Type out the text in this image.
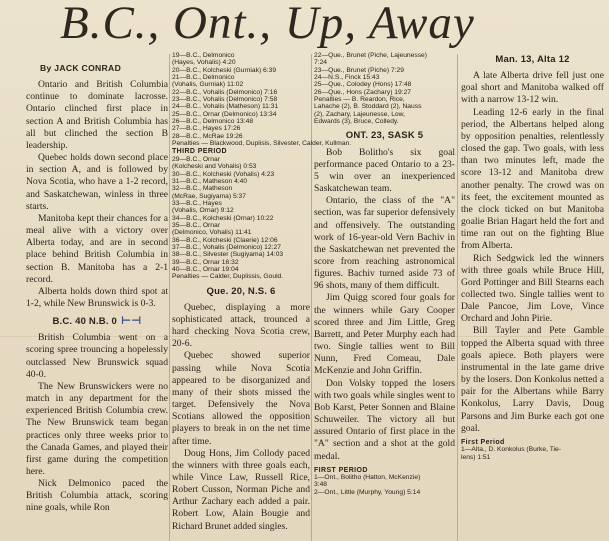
B.C., Ont., Up, Away
By JACK CONRAD

Ontario and British Columbia continue to dominate lacrosse. Ontario clinched first place in section A and British Columbia has all but clinched the section B leadership.

Quebec holds down second place in section A, and is followed by Nova Scotia, who have a 1-2 record, and Saskatchewan, winless in three starts.

Manitoba kept their chances for a meal alive with a victory over Alberta today, and are in second place behind British Columbia in section B. Manitoba has a 2-1 record.

Alberta holds down third spot at 1-2, while New Brunswick is 0-3.

B.C. 40 N.B. 0 ⊢⊣

British Columbia went on a scoring spree trouncing a hopelessly outclassed New Brunswick squad 40-0.

The New Brunswickers were no match in any department for the experienced British Columbia crew. The New Brunswick team began practices only three weeks prior to the Canada Games, and played their first game during the competition here.

Nick Delmonico paced the British Columbia attack, scoring nine goals, while Ron

19—B.C., Delmonico

(Hayes, Vohalis) 4:20

20—B.C., Kolcheski (Gurniak) 6:39

21—B.C., Delmonico

(Vohalis, Gurniak) 11:02

22—B.C., Vohalis (Delmonico) 7:16

23—B.C., Vohalis (Delmonico) 7:58

24—B.C., Vohalis (Matheson) 11:31

25—B.C., Ornar (Delmonico) 13:34

26—B.C., Delmonico 13:48

27—B.C., Hayes 17:26

28—B.C., McRae 19:26

Penalties — Blackwood, Duplisis, Silvester, Calder, Kullman.

THIRD PERIOD

29—B.C., Ornar

(Kolcheski and Vohalis) 0:53

30—B.C., Kolcheski (Vohalis) 4:23

31—B.C., Matheson 4:40

32—B.C., Matheson

(McRae, Sugiyama) 5:37

33—B.C., Hayes

(Vohalis, Ornar) 9:12

34—B.C., Kolcheski (Ornar) 10:22

35—B.C., Ornar

(Delmonico, Vohalis) 11:41

36—B.C., Kolcheski (Claerie) 12:06

37—B.C., Vohalis (Delmonico) 12:27

38—B.C., Silvester (Sugiyama) 14:03

39—B.C., Ornar 16:32

40—B.C., Ornar 19:04

Penalties — Calder, Duplissis, Gould.

Que. 20, N.S. 6

Quebec, displaying a more sophisticated attack, trounced a hard checking Nova Scotia crew, 20-6.

Quebec showed superior passing while Nova Scotia appeared to be disorganized and many of their shots missed the target. Defensively the Nova Scotians allowed the opposition players to break in on the net time after time.

Doug Hons, Jim Collody paced the winners with three goals each, while Vince Law, Russell Rice, Robert Cusson, Norman Piche and Arthur Zachary each added a pair. Robert Low, Alain Bougie and Richard Brunet added singles.

22—Que., Brunet (Piche, Lajeunesse)

7:24

23—Que., Brunet (Piche) 7:29

24—N.S., Finck 15:43

25—Que., Colodey (Hons) 17:48

26—Que., Hons (Zachary) 19:27

Penalties — B. Reardon, Rice,

Lahache (2), B. Stoddard (2), Nauss

(2), Zachary, Lajeunesse, Low,

Edwards (3), Bruce, Colledy.

ONT. 23, SASK 5

Bob Bolitho's six goal performance paced Ontario to a 23-5 win over an inexperienced Saskatchewan team.

Ontario, the class of the "A" section, was far superior defensively and offensively. The outstanding work of 16-year-old Vern Bachiv in the Saskatchewan net prevented the score from reaching astronomical figures. Bachiv turned aside 73 of 96 shots, many of them difficult.

Jim Quigg scored four goals for the winners while Gary Cooper scored three and Jim Little, Greg Barrett, and Peter Murphy each had two. Single tallies went to Bill Nunn, Fred Comeau, Dale McKenzie and John Griffin.

Don Volsky topped the losers with two goals while singles went to Bob Karst, Peter Sonnen and Blaine Schuweiler. The victory all but assured Ontario of first place in the "A" section and a shot at the gold medal.

FIRST PERIOD

1—Ont., Bolitho (Hatton, McKenzie)

3:48

2—Ont., Little (Murphy, Young) 5:14

Man. 13, Alta 12

A late Alberta drive fell just one goal short and Manitoba walked off with a narrow 13-12 win.

Leading 12-6 early in the final period, the Albertans helped along by opposition penalties, relentlessly closed the gap. Two goals, with less than two minutes left, made the score 13-12 and Manitoba drew another penalty. The crowd was on its feet, the excitement mounted as the clock ticked on but Manitoba goalie Brian Hagart held the fort and time ran out on the fighting Blue from Alberta.

Rich Sedgwick led the winners with three goals while Bruce Hill, Gord Pottinger and Bill Stearns each collected two. Single tallies went to Dale Pancoe, Jim Love, Vince Orchard and John Pirie.

Bill Tayler and Pete Gamble topped the Alberta squad with three goals apiece. Both players were instrumental in the late game drive by the losers. Don Konkolus netted a pair for the Albertans while Barry Konkolus, Larry Davis, Doug Parsons and Jim Burke each got one goal.

First Period

1—Alta., D. Konkolus (Burke, Tie-

lens) 1:51
